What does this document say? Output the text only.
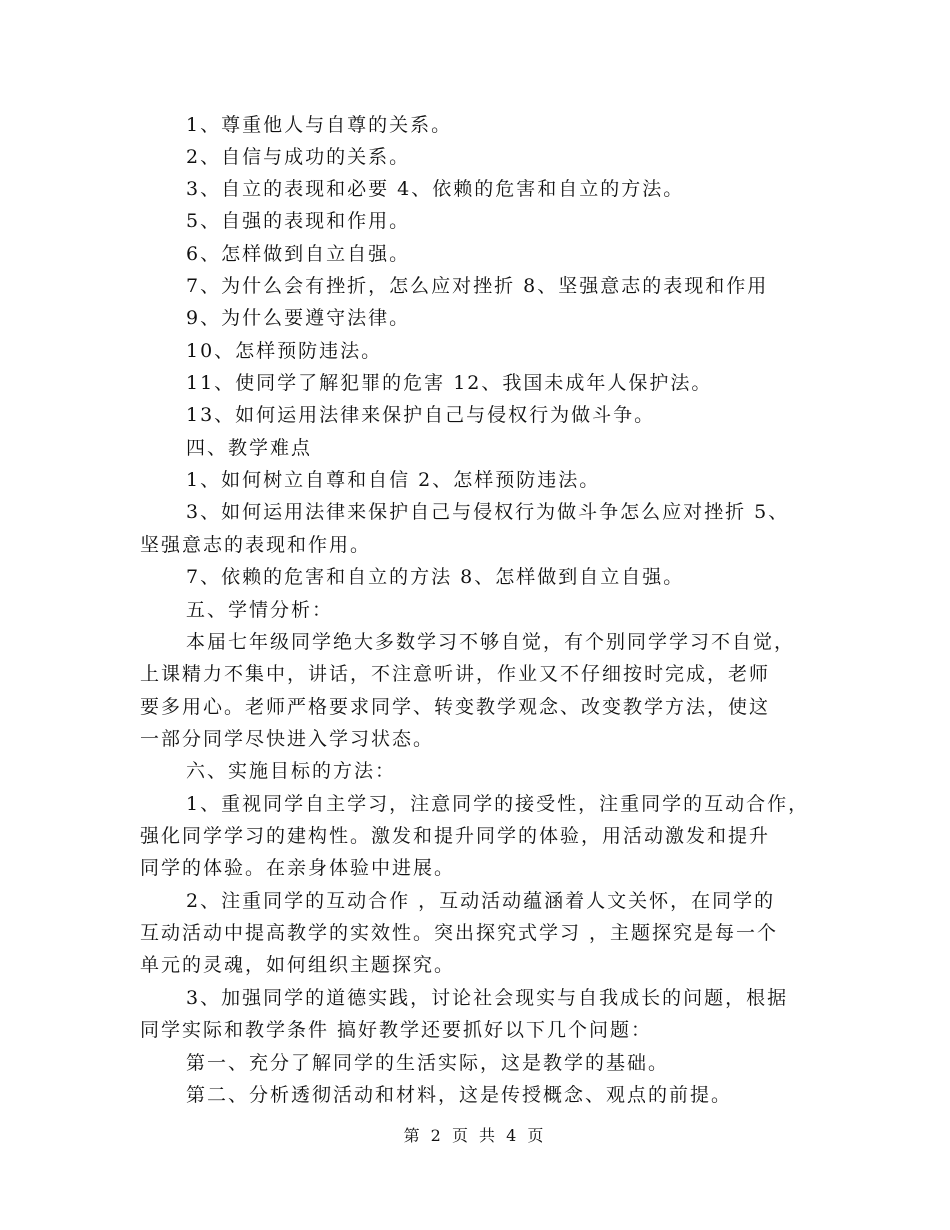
1、尊重他人与自尊的关系。
2、自信与成功的关系。
3、自立的表现和必要 4、依赖的危害和自立的方法。
5、自强的表现和作用。
6、怎样做到自立自强。
7、为什么会有挫折，怎么应对挫折 8、坚强意志的表现和作用
9、为什么要遵守法律。
10、怎样预防违法。
11、使同学了解犯罪的危害 12、我国未成年人保护法。
13、如何运用法律来保护自己与侵权行为做斗争。
四、教学难点
1、如何树立自尊和自信 2、怎样预防违法。
3、如何运用法律来保护自己与侵权行为做斗争怎么应对挫折 5、
坚强意志的表现和作用。
7、依赖的危害和自立的方法 8、怎样做到自立自强。
五、学情分析：
本届七年级同学绝大多数学习不够自觉，有个别同学学习不自觉，
上课精力不集中，讲话，不注意听讲，作业又不仔细按时完成，老师
要多用心。老师严格要求同学、转变教学观念、改变教学方法，使这
一部分同学尽快进入学习状态。
六、实施目标的方法：
1、重视同学自主学习，注意同学的接受性，注重同学的互动合作，
强化同学学习的建构性。激发和提升同学的体验，用活动激发和提升
同学的体验。在亲身体验中进展。
2、注重同学的互动合作 ，互动活动蕴涵着人文关怀，在同学的
互动活动中提高教学的实效性。突出探究式学习 ，主题探究是每一个
单元的灵魂，如何组织主题探究。
3、加强同学的道德实践，讨论社会现实与自我成长的问题，根据
同学实际和教学条件 搞好教学还要抓好以下几个问题：
第一、充分了解同学的生活实际，这是教学的基础。
第二、分析透彻活动和材料，这是传授概念、观点的前提。
第 2 页 共 4 页
